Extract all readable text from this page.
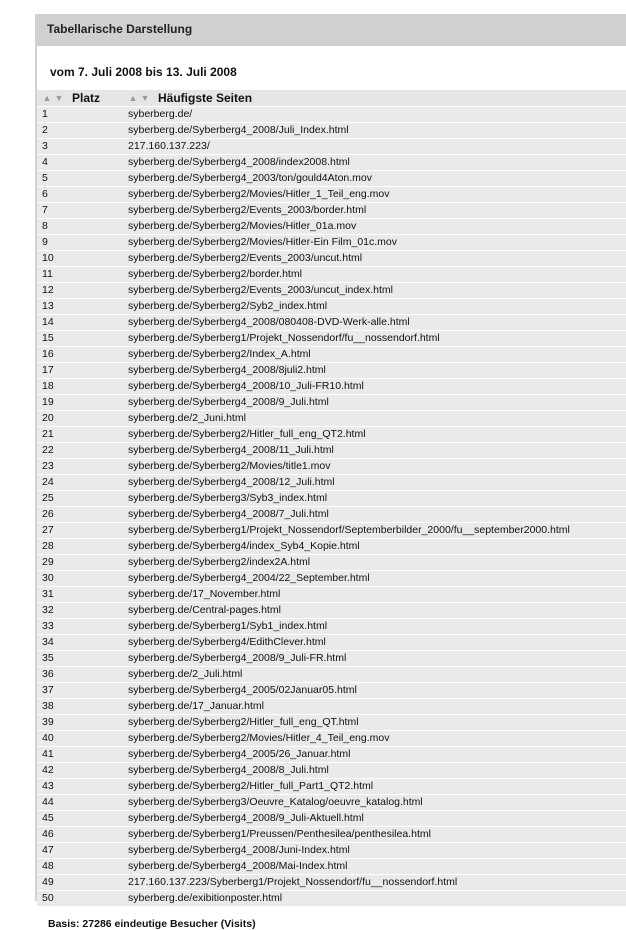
Tabellarische Darstellung
vom 7. Juli 2008 bis 13. Juli 2008
▲ ▼ Platz	▲ ▼ Häufigste Seiten
1	syberberg.de/
2	syberberg.de/Syberberg4_2008/Juli_Index.html
3	217.160.137.223/
4	syberberg.de/Syberberg4_2008/index2008.html
5	syberberg.de/Syberberg4_2003/ton/gould4Aton.mov
6	syberberg.de/Syberberg2/Movies/Hitler_1_Teil_eng.mov
7	syberberg.de/Syberberg2/Events_2003/border.html
8	syberberg.de/Syberberg2/Movies/Hitler_01a.mov
9	syberberg.de/Syberberg2/Movies/Hitler-Ein Film_01c.mov
10	syberberg.de/Syberberg2/Events_2003/uncut.html
11	syberberg.de/Syberberg2/border.html
12	syberberg.de/Syberberg2/Events_2003/uncut_index.html
13	syberberg.de/Syberberg2/Syb2_index.html
14	syberberg.de/Syberberg4_2008/080408-DVD-Werk-alle.html
15	syberberg.de/Syberberg1/Projekt_Nossendorf/fu__nossendorf.html
16	syberberg.de/Syberberg2/Index_A.html
17	syberberg.de/Syberberg4_2008/8juli2.html
18	syberberg.de/Syberberg4_2008/10_Juli-FR10.html
19	syberberg.de/Syberberg4_2008/9_Juli.html
20	syberberg.de/2_Juni.html
21	syberberg.de/Syberberg2/Hitler_full_eng_QT2.html
22	syberberg.de/Syberberg4_2008/11_Juli.html
23	syberberg.de/Syberberg2/Movies/title1.mov
24	syberberg.de/Syberberg4_2008/12_Juli.html
25	syberberg.de/Syberberg3/Syb3_index.html
26	syberberg.de/Syberberg4_2008/7_Juli.html
27	syberberg.de/Syberberg1/Projekt_Nossendorf/Septemberbilder_2000/fu__september2000.html
28	syberberg.de/Syberberg4/index_Syb4_Kopie.html
29	syberberg.de/Syberberg2/index2A.html
30	syberberg.de/Syberberg4_2004/22_September.html
31	syberberg.de/17_November.html
32	syberberg.de/Central-pages.html
33	syberberg.de/Syberberg1/Syb1_index.html
34	syberberg.de/Syberberg4/EdithClever.html
35	syberberg.de/Syberberg4_2008/9_Juli-FR.html
36	syberberg.de/2_Juli.html
37	syberberg.de/Syberberg4_2005/02Januar05.html
38	syberberg.de/17_Januar.html
39	syberberg.de/Syberberg2/Hitler_full_eng_QT.html
40	syberberg.de/Syberberg2/Movies/Hitler_4_Teil_eng.mov
41	syberberg.de/Syberberg4_2005/26_Januar.html
42	syberberg.de/Syberberg4_2008/8_Juli.html
43	syberberg.de/Syberberg2/Hitler_full_Part1_QT2.html
44	syberberg.de/Syberberg3/Oeuvre_Katalog/oeuvre_katalog.html
45	syberberg.de/Syberberg4_2008/9_Juli-Aktuell.html
46	syberberg.de/Syberberg1/Preussen/Penthesilea/penthesilea.html
47	syberberg.de/Syberberg4_2008/Juni-Index.html
48	syberberg.de/Syberberg4_2008/Mai-Index.html
49	217.160.137.223/Syberberg1/Projekt_Nossendorf/fu__nossendorf.html
50	syberberg.de/exibitionposter.html
Basis: 27286 eindeutige Besucher (Visits)
